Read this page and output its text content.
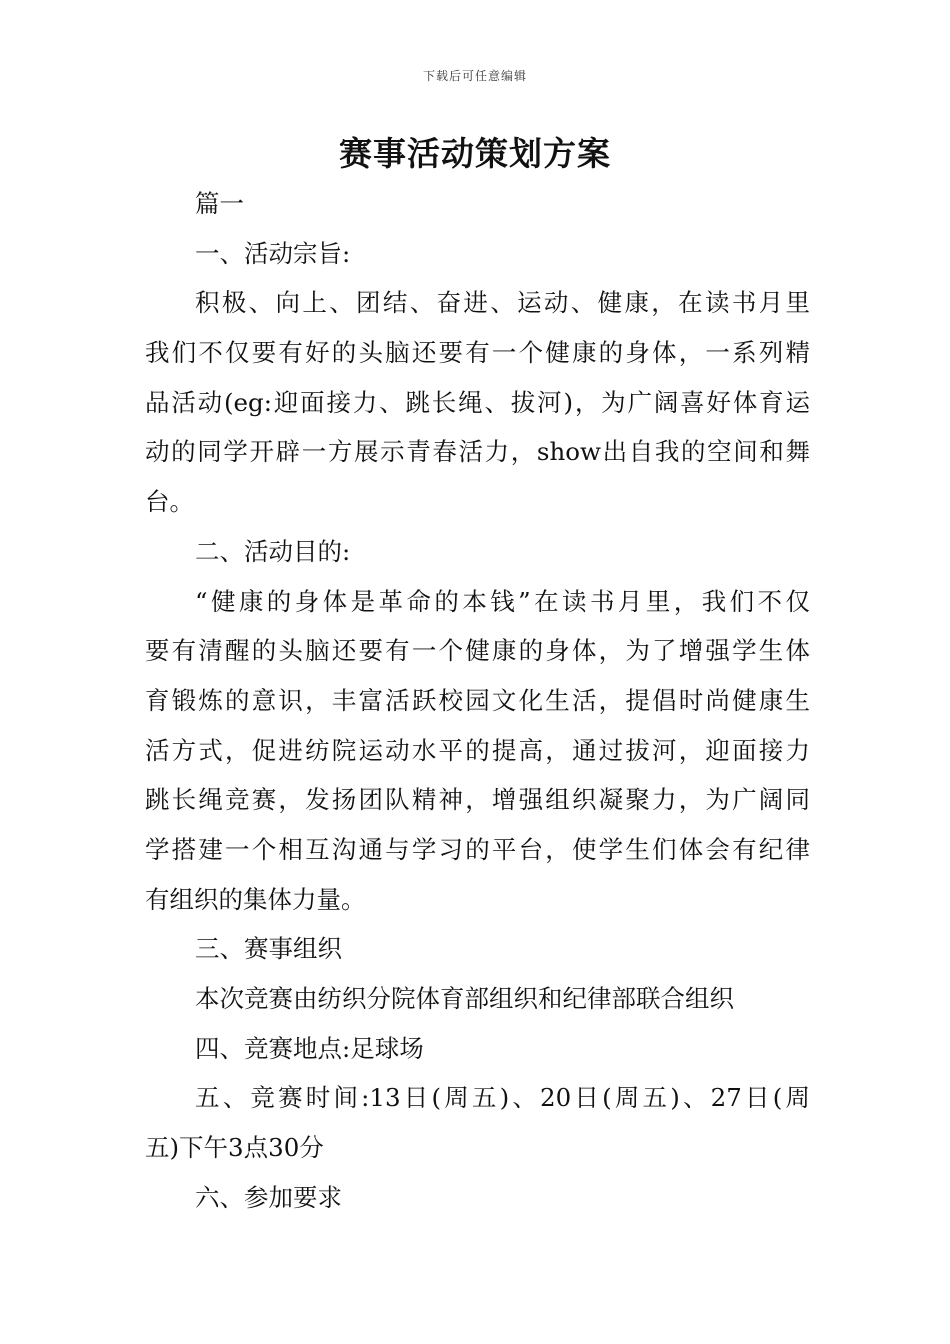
下载后可任意编辑
赛事活动策划方案

篇一

一、活动宗旨:

积极、向上、团结、奋进、运动、健康，在读书月里

我们不仅要有好的头脑还要有一个健康的身体，一系列精

品活动(eg:迎面接力、跳长绳、拔河)，为广阔喜好体育运

动的同学开辟一方展示青春活力，show出自我的空间和舞

台。

二、活动目的:

“健康的身体是革命的本钱”在读书月里，我们不仅

要有清醒的头脑还要有一个健康的身体，为了增强学生体

育锻炼的意识，丰富活跃校园文化生活，提倡时尚健康生

活方式，促进纺院运动水平的提高，通过拔河，迎面接力

跳长绳竞赛，发扬团队精神，增强组织凝聚力，为广阔同

学搭建一个相互沟通与学习的平台，使学生们体会有纪律

有组织的集体力量。

三、赛事组织

本次竞赛由纺织分院体育部组织和纪律部联合组织

四、竞赛地点:足球场

五、竞赛时间:13日(周五)、20日(周五)、27日(周

五)下午3点30分

六、参加要求
